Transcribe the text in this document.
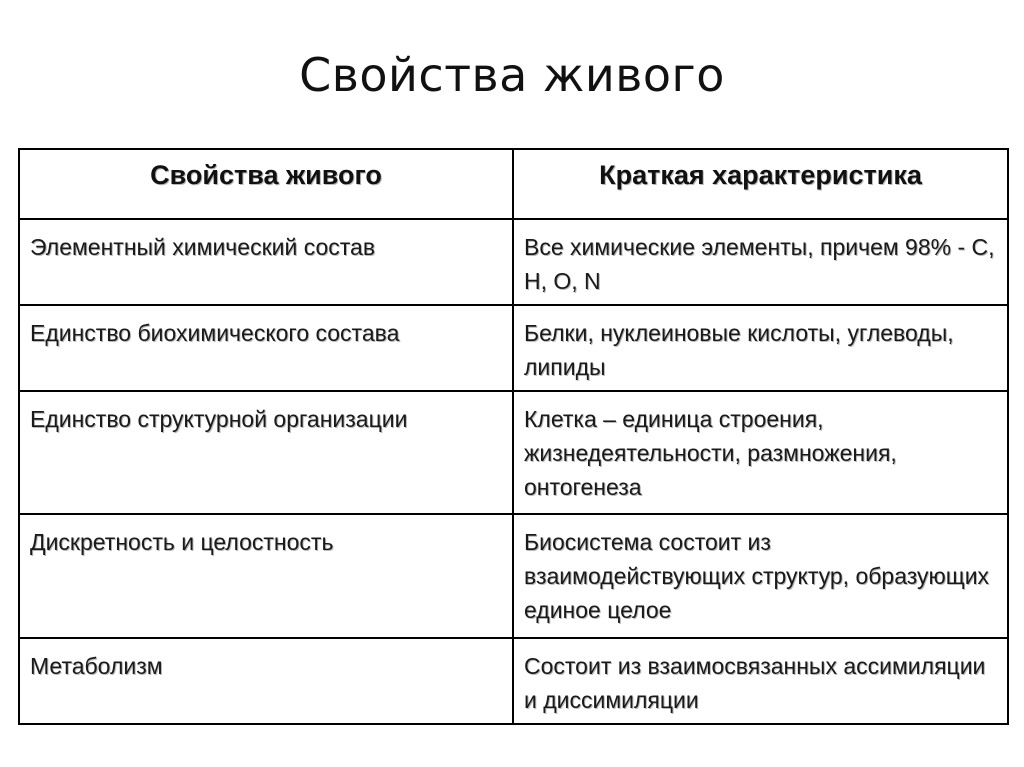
Свойства живого
Свойства живого	Краткая характеристика
Элементный химический состав	Все химические элементы, причем 98% - C, H, O, N
Единство биохимического состава	Белки, нуклеиновые кислоты, углеводы, липиды
Единство структурной организации	Клетка – единица строения, жизнедеятельности, размножения, онтогенеза
Дискретность и целостность	Биосистема состоит из взаимодействующих структур, образующих единое целое
Метаболизм	Состоит из взаимосвязанных ассимиляции и диссимиляции
